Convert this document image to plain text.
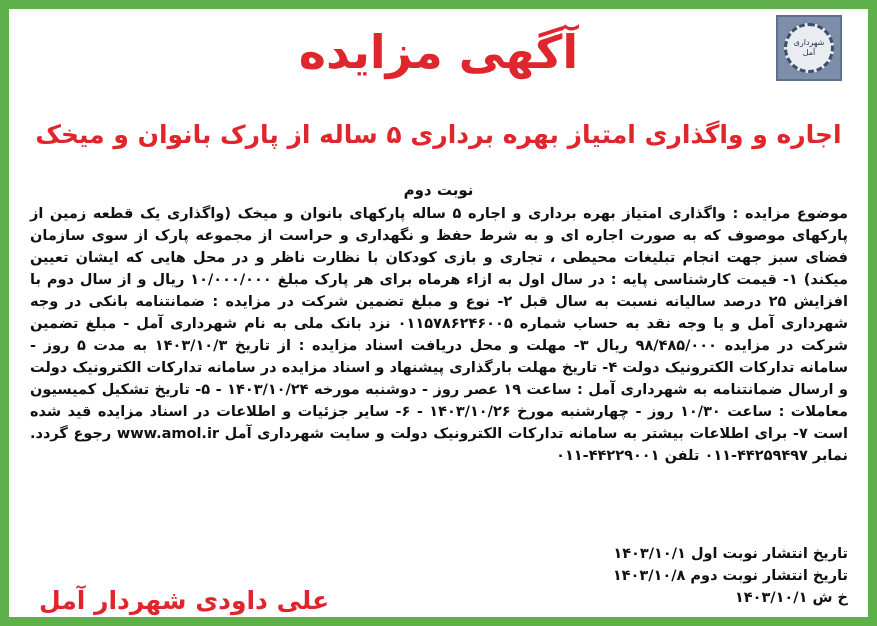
شهرداری آمل
آگهی مزایده
اجاره و واگذاری امتیاز بهره برداری ۵ ساله از پارک بانوان و میخک
نوبت دوم

موضوع مزایده : واگذاری امتیاز بهره برداری و اجاره ۵ ساله پارکهای بانوان و میخک (واگذاری یک قطعه زمین از پارکهای موصوف که به صورت اجاره ای و به شرط حفظ و نگهداری و حراست از مجموعه پارک از سوی سازمان فضای سبز جهت انجام تبلیغات محیطی ، تجاری و بازی کودکان با نظارت ناظر و در محل هایی که ایشان تعیین میکند) ۱- قیمت کارشناسی پایه : در سال اول به ازاء هرماه برای هر پارک مبلغ ۱۰/۰۰۰/۰۰۰ ریال و از سال دوم با افزایش ۲۵ درصد سالیانه نسبت به سال قبل ۲- نوع و مبلغ تضمین شرکت در مزایده : ضمانتنامه بانکی در وجه شهرداری آمل و یا وجه نقد به حساب شماره ۰۱۱۵۷۸۶۲۴۶۰۰۵ نزد بانک ملی به نام شهرداری آمل - مبلغ تضمین شرکت در مزایده ۹۸/۴۸۵/۰۰۰ ریال ۳- مهلت و محل دریافت اسناد مزایده : از تاریخ ۱۴۰۳/۱۰/۳ به مدت ۵ روز - سامانه تدارکات الکترونیک دولت ۴- تاریخ مهلت بارگذاری پیشنهاد و اسناد مزایده در سامانه تدارکات الکترونیک دولت و ارسال ضمانتنامه به شهرداری آمل : ساعت ۱۹ عصر روز - دوشنبه مورخه ۱۴۰۳/۱۰/۲۴ - ۵- تاریخ تشکیل کمیسیون معاملات : ساعت ۱۰/۳۰ روز - چهارشنبه مورخ ۱۴۰۳/۱۰/۲۶ - ۶- سایر جزئیات و اطلاعات در اسناد مزایده قید شده است ۷- برای اطلاعات بیشتر به سامانه تدارکات الکترونیک دولت و سایت شهرداری آمل www.amol.ir رجوع گردد. نمابر ۴۴۲۵۹۴۹۷-۰۱۱ تلفن ۴۴۲۲۹۰۰۱-۰۱۱

تاریخ انتشار نوبت اول ۱۴۰۳/۱۰/۱
تاریخ انتشار نوبت دوم ۱۴۰۳/۱۰/۸
خ ش ۱۴۰۳/۱۰/۱
علی داودی شهردار آمل
